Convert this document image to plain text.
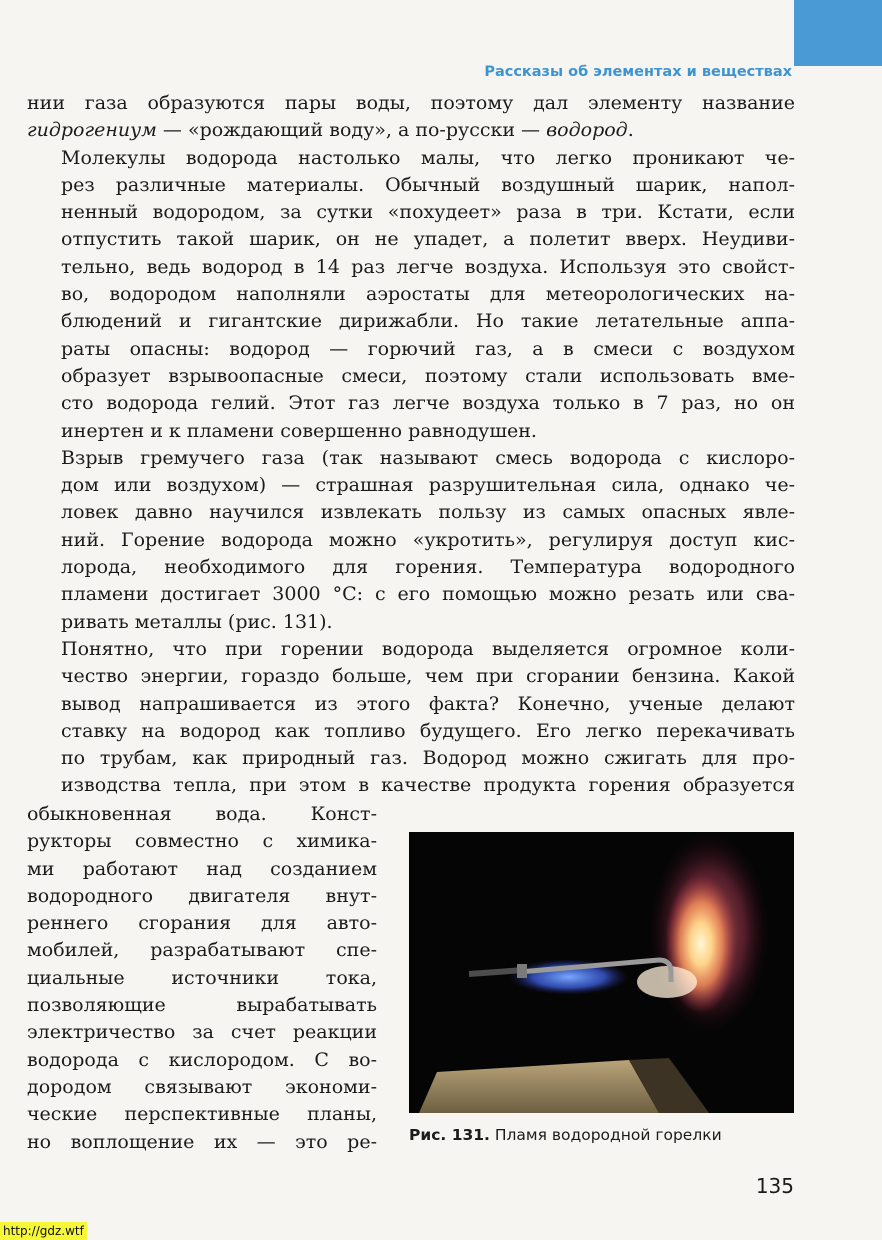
Рассказы об элементах и веществах

нии газа образуются пары воды, поэтому дал элементу название
гидрогениум — «рождающий воду», а по-русски — водород.

Молекулы водорода настолько малы, что легко проникают че-
рез различные материалы. Обычный воздушный шарик, напол-
ненный водородом, за сутки «похудеет» раза в три. Кстати, если
отпустить такой шарик, он не упадет, а полетит вверх. Неудиви-
тельно, ведь водород в 14 раз легче воздуха. Используя это свойст-
во, водородом наполняли аэростаты для метеорологических на-
блюдений и гигантские дирижабли. Но такие летательные аппа-
раты опасны: водород — горючий газ, а в смеси с воздухом
образует взрывоопасные смеси, поэтому стали использовать вме-
сто водорода гелий. Этот газ легче воздуха только в 7 раз, но он
инертен и к пламени совершенно равнодушен.

Взрыв гремучего газа (так называют смесь водорода с кислоро-
дом или воздухом) — страшная разрушительная сила, однако че-
ловек давно научился извлекать пользу из самых опасных явле-
ний. Горение водорода можно «укротить», регулируя доступ кис-
лорода, необходимого для горения. Температура водородного
пламени достигает 3000 °С: с его помощью можно резать или сва-
ривать металлы (рис. 131).

Понятно, что при горении водорода выделяется огромное коли-
чество энергии, гораздо больше, чем при сгорании бензина. Какой
вывод напрашивается из этого факта? Конечно, ученые делают
ставку на водород как топливо будущего. Его легко перекачивать
по трубам, как природный газ. Водород можно сжигать для про-
изводства тепла, при этом в качестве продукта горения образуется

обыкновенная вода. Конст-
рукторы совместно с химика-
ми работают над созданием
водородного двигателя внут-
реннего сгорания для авто-
мобилей, разрабатывают спе-
циальные источники тока,
позволяющие вырабатывать
электричество за счет реакции
водорода с кислородом. С во-
дородом связывают экономи-
ческие перспективные планы,
но воплощение их — это ре- Рис. 131. Пламя водородной горелки
135
http://gdz.wtf
